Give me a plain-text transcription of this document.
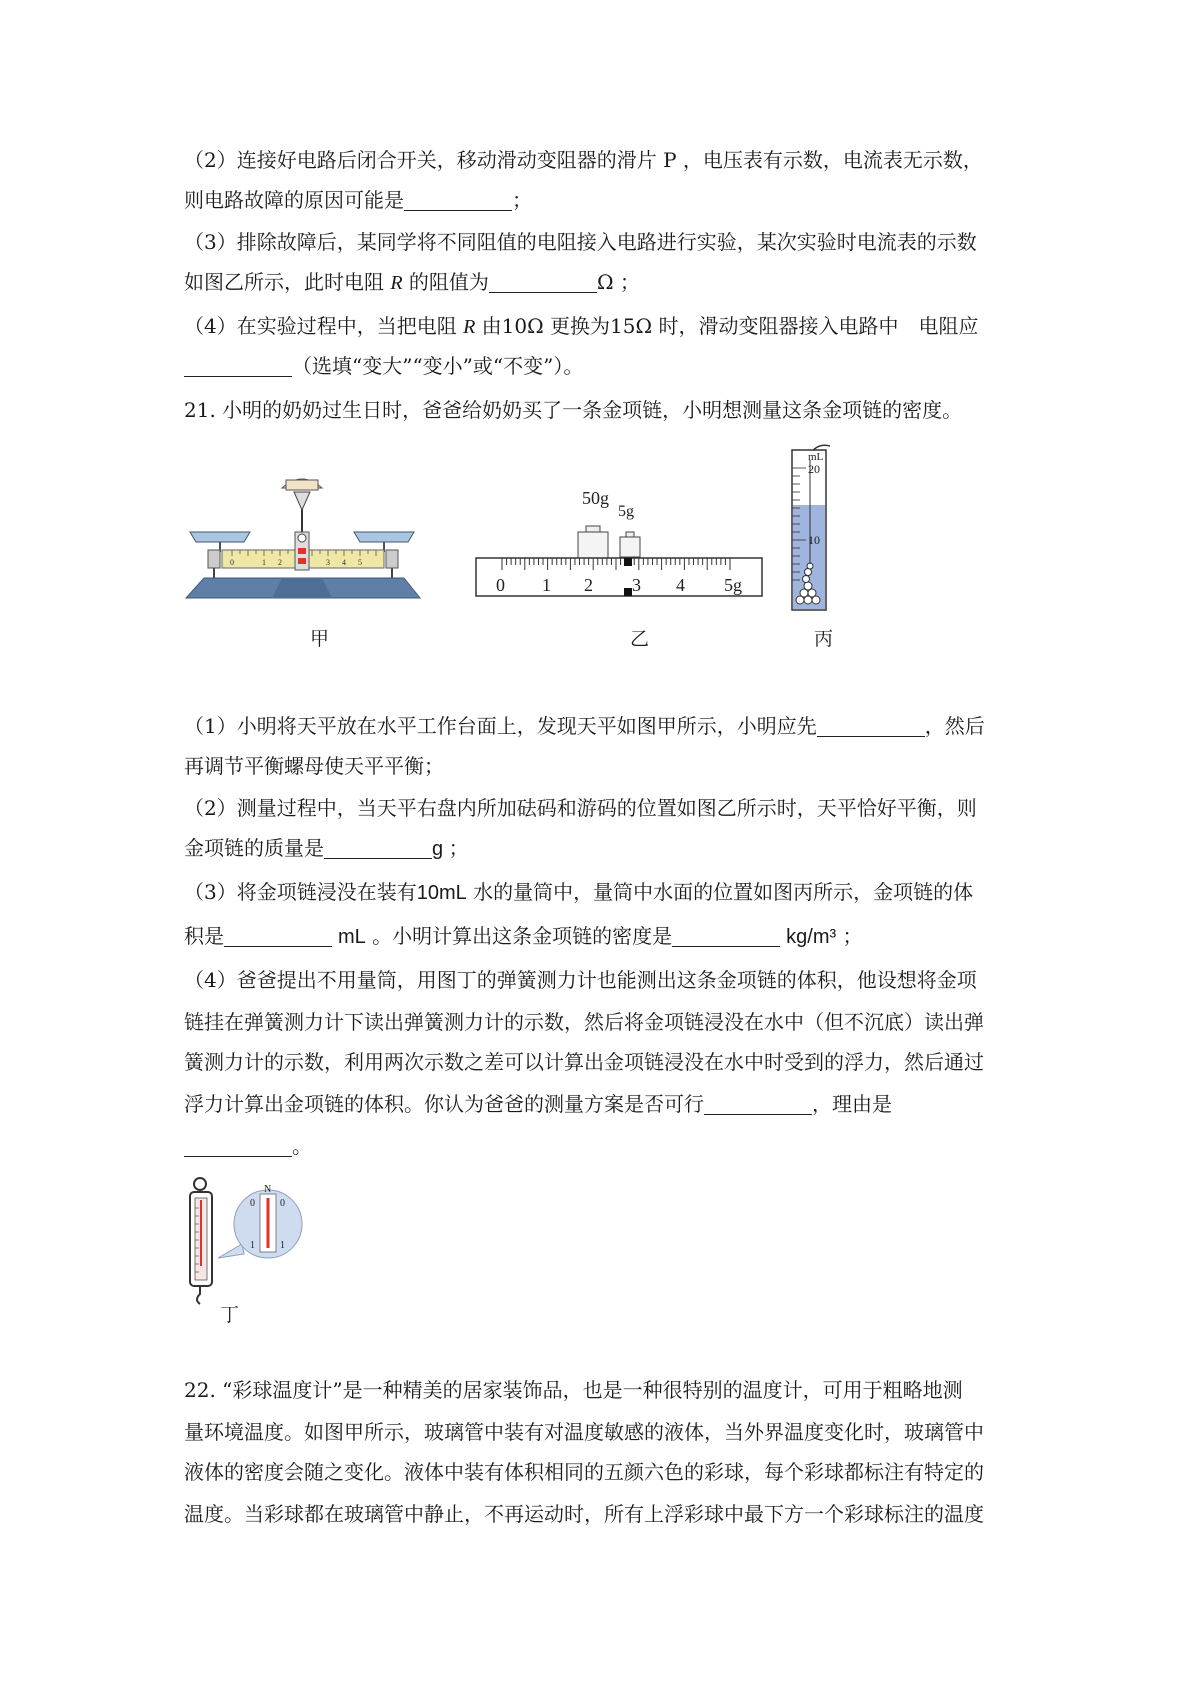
（2）连接好电路后闭合开关，移动滑动变阻器的滑片 P ，电压表有示数，电流表无示数，
则电路故障的原因可能是	；
（3）排除故障后，某同学将不同阻值的电阻接入电路进行实验，某次实验时电流表的示数
如图乙所示，此时电阻 R 的阻值为	Ω ；
（4）在实验过程中，当把电阻 R 由10Ω 更换为15Ω 时，滑动变阻器接入电路中　电阻应
（选填“变大”“变小”或“不变”）。
21. 小明的奶奶过生日时，爸爸给奶奶买了一条金项链，小明想测量这条金项链的密度。
0	1 2	3 4 5
甲
50g
5g
0 1 2 3 4 5g
乙
mL
20
10
丙
（1）小明将天平放在水平工作台面上，发现天平如图甲所示，小明应先	，然后
再调节平衡螺母使天平平衡；
（2）测量过程中，当天平右盘内所加砝码和游码的位置如图乙所示时，天平恰好平衡，则
金项链的质量是	g ；
（3）将金项链浸没在装有10mL 水的量筒中，量筒中水面的位置如图丙所示，金项链的体
积是	mL 。小明计算出这条金项链的密度是	kg/m³ ；
（4）爸爸提出不用量筒，用图丁的弹簧测力计也能测出这条金项链的体积，他设想将金项
链挂在弹簧测力计下读出弹簧测力计的示数，然后将金项链浸没在水中（但不沉底）读出弹
簧测力计的示数，利用两次示数之差可以计算出金项链浸没在水中时受到的浮力，然后通过
浮力计算出金项链的体积。你认为爸爸的测量方案是否可行	，理由是
。
N
0	0
1	1
丁
22. “彩球温度计”是一种精美的居家装饰品，也是一种很特别的温度计，可用于粗略地测
量环境温度。如图甲所示，玻璃管中装有对温度敏感的液体，当外界温度变化时，玻璃管中
液体的密度会随之变化。液体中装有体积相同的五颜六色的彩球，每个彩球都标注有特定的
温度。当彩球都在玻璃管中静止，不再运动时，所有上浮彩球中最下方一个彩球标注的温度
